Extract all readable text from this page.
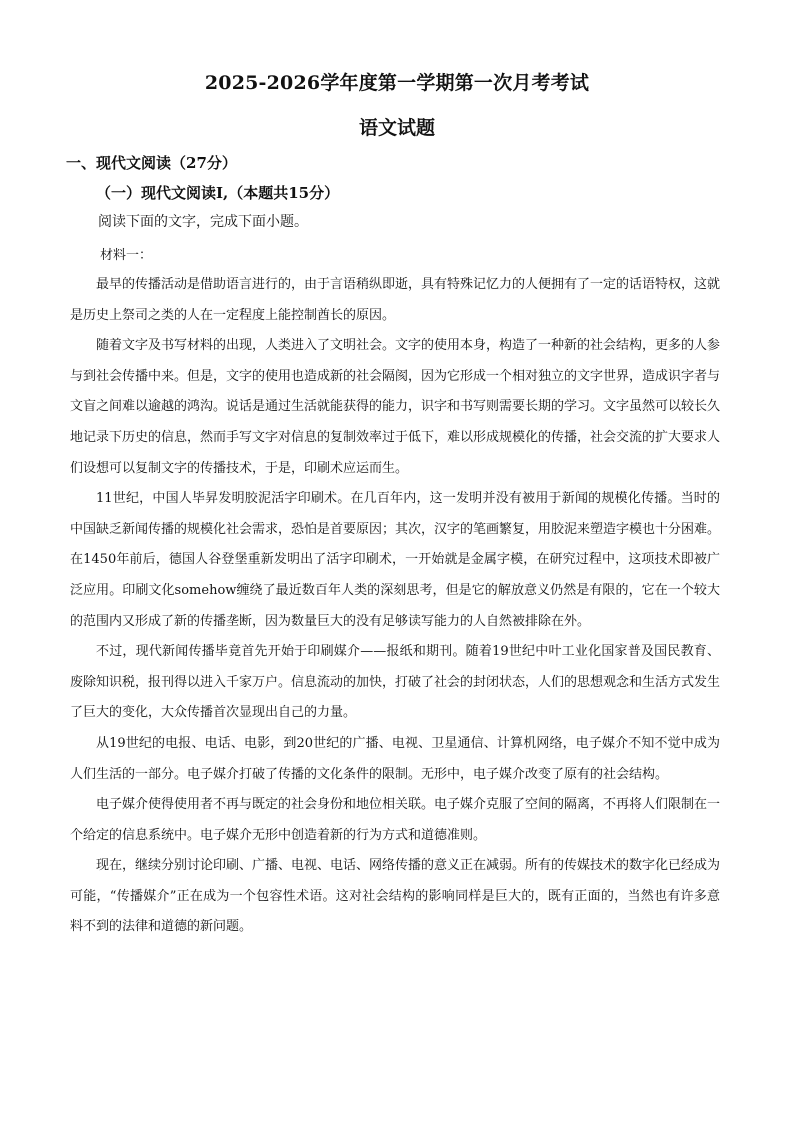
2025-2026学年度第一学期第一次月考考试
语文试题
一、现代文阅读（27分）
（一）现代文阅读Ⅰ,（本题共15分）
阅读下面的文字，完成下面小题。
材料一：

最早的传播活动是借助语言进行的，由于言语稍纵即逝，具有特殊记忆力的人便拥有了一定的话语特权，这就是历史上祭司之类的人在一定程度上能控制酋长的原因。

随着文字及书写材料的出现，人类进入了文明社会。文字的使用本身，构造了一种新的社会结构，更多的人参与到社会传播中来。但是，文字的使用也造成新的社会隔阂，因为它形成一个相对独立的文字世界，造成识字者与文盲之间难以逾越的鸿沟。说话是通过生活就能获得的能力，识字和书写则需要长期的学习。文字虽然可以较长久地记录下历史的信息，然而手写文字对信息的复制效率过于低下，难以形成规模化的传播，社会交流的扩大要求人们设想可以复制文字的传播技术，于是，印刷术应运而生。

11世纪，中国人毕昇发明胶泥活字印刷术。在几百年内，这一发明并没有被用于新闻的规模化传播。当时的中国缺乏新闻传播的规模化社会需求，恐怕是首要原因；其次，汉字的笔画繁复，用胶泥来塑造字模也十分困难。在1450年前后，德国人谷登堡重新发明出了活字印刷术，一开始就是金属字模，在研究过程中，这项技术即被广泛应用。印刷文化somehow缠绕了最近数百年人类的深刻思考，但是它的解放意义仍然是有限的，它在一个较大的范围内又形成了新的传播垄断，因为数量巨大的没有足够读写能力的人自然被排除在外。

不过，现代新闻传播毕竟首先开始于印刷媒介——报纸和期刊。随着19世纪中叶工业化国家普及国民教育、废除知识税，报刊得以进入千家万户。信息流动的加快，打破了社会的封闭状态，人们的思想观念和生活方式发生了巨大的变化，大众传播首次显现出自己的力量。

从19世纪的电报、电话、电影，到20世纪的广播、电视、卫星通信、计算机网络，电子媒介不知不觉中成为人们生活的一部分。电子媒介打破了传播的文化条件的限制。无形中，电子媒介改变了原有的社会结构。

电子媒介使得使用者不再与既定的社会身份和地位相关联。电子媒介克服了空间的隔离，不再将人们限制在一个给定的信息系统中。电子媒介无形中创造着新的行为方式和道德准则。

现在，继续分别讨论印刷、广播、电视、电话、网络传播的意义正在减弱。所有的传媒技术的数字化已经成为可能，“传播媒介”正在成为一个包容性术语。这对社会结构的影响同样是巨大的，既有正面的，当然也有许多意料不到的法律和道德的新问题。
